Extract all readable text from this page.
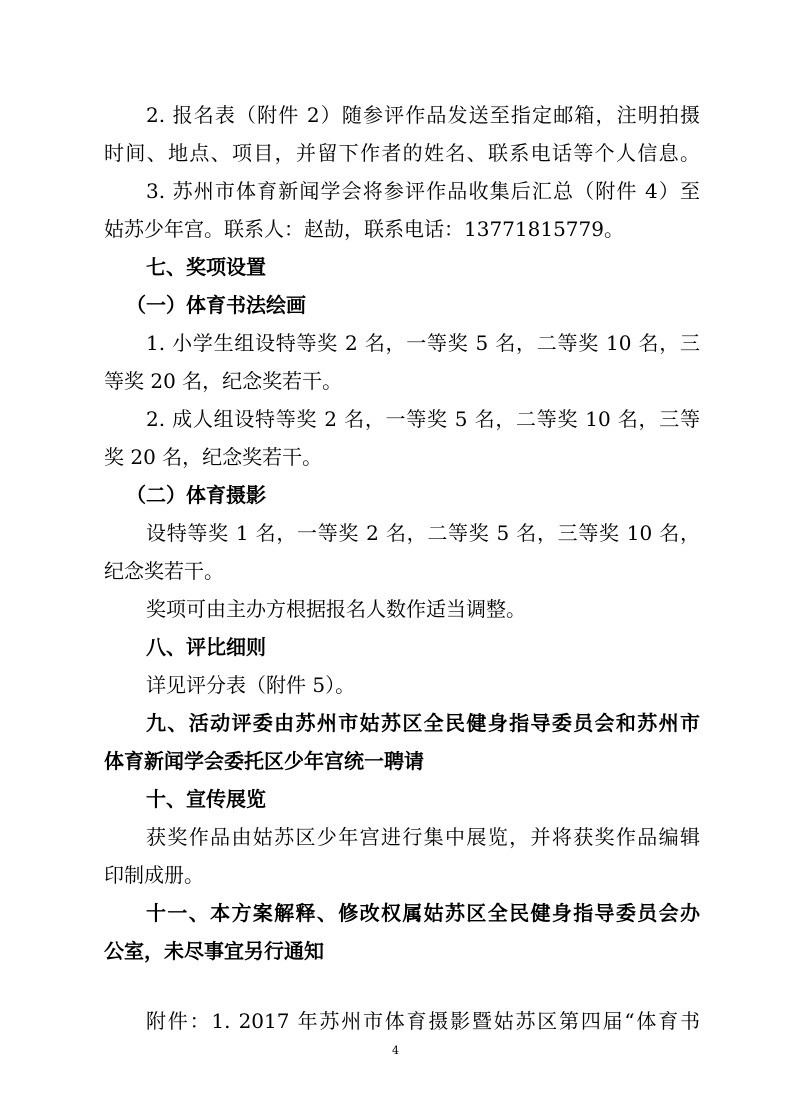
2. 报名表（附件 2）随参评作品发送至指定邮箱，注明拍摄
时间、地点、项目，并留下作者的姓名、联系电话等个人信息。
3. 苏州市体育新闻学会将参评作品收集后汇总（附件 4）至
姑苏少年宫。联系人：赵劼，联系电话：13771815779。
七、奖项设置
（一）体育书法绘画
1. 小学生组设特等奖 2 名，一等奖 5 名，二等奖 10 名，三
等奖 20 名，纪念奖若干。
2. 成人组设特等奖 2 名，一等奖 5 名，二等奖 10 名，三等
奖 20 名，纪念奖若干。
（二）体育摄影
设特等奖 1 名，一等奖 2 名，二等奖 5 名，三等奖 10 名，
纪念奖若干。
奖项可由主办方根据报名人数作适当调整。
八、评比细则
详见评分表（附件 5）。
九、活动评委由苏州市姑苏区全民健身指导委员会和苏州市
体育新闻学会委托区少年宫统一聘请
十、宣传展览
获奖作品由姑苏区少年宫进行集中展览，并将获奖作品编辑
印制成册。
十一、本方案解释、修改权属姑苏区全民健身指导委员会办
公室，未尽事宜另行通知
附件：1. 2017 年苏州市体育摄影暨姑苏区第四届“体育书
4
